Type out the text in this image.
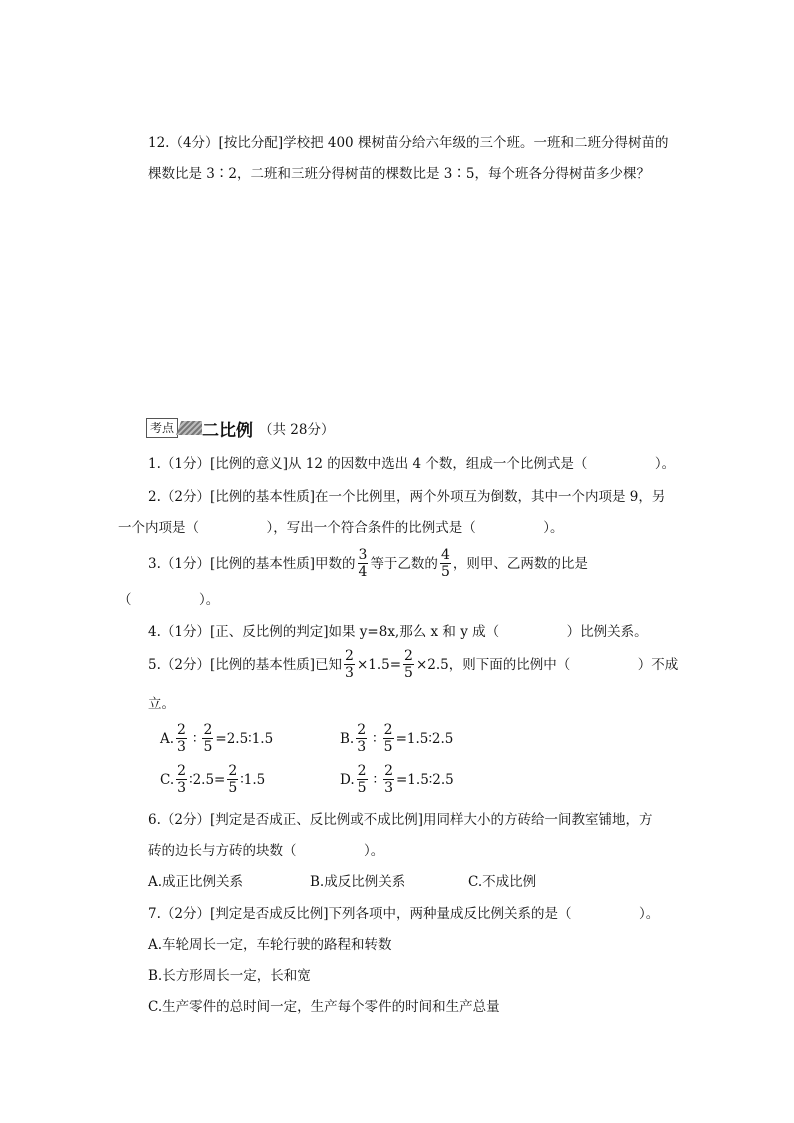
12.（4分）[按比分配]学校把 400 棵树苗分给六年级的三个班。一班和二班分得树苗的
棵数比是 3∶2，二班和三班分得树苗的棵数比是 3∶5，每个班各分得树苗多少棵？
考点 二比例 （共 28分）
1.（1分）[比例的意义]从 12 的因数中选出 4 个数，组成一个比例式是（　　　　　）。
2.（2分）[比例的基本性质]在一个比例里，两个外项互为倒数，其中一个内项是 9，另
一个内项是（　　　　　），写出一个符合条件的比例式是（　　　　　）。
3.（1分）[比例的基本性质]甲数的 $\frac{3}{4}$ 等于乙数的 $\frac{4}{5}$ ，则甲、乙两数的比是
（　　　　　）。
4.（1分）[正、反比例的判定]如果 y=8x,那么 x 和 y 成（　　　　　）比例关系。
5.（2分）[比例的基本性质]已知 $\frac{2}{3} \times 1.5= \frac{2}{5} \times 2.5$，则下面的比例中（　　　　　）不成
立。
A. $\frac{2}{3}$ ∶ $\frac{2}{5}$ =2.5∶1.5	B. $\frac{2}{3}$ ∶ $\frac{2}{5}$ =1.5∶2.5
C. $\frac{2}{3}$ ∶2.5= $\frac{2}{5}$ ∶1.5	D. $\frac{2}{5}$ ∶ $\frac{2}{3}$ =1.5∶2.5
6.（2分）[判定是否成正、反比例或不成比例]用同样大小的方砖给一间教室铺地，方
砖的边长与方砖的块数（　　　　　）。
A.成正比例关系	B.成反比例关系	C.不成比例
7.（2分）[判定是否成反比例]下列各项中，两种量成反比例关系的是（　　　　　）。
A.车轮周长一定，车轮行驶的路程和转数
B.长方形周长一定，长和宽
C.生产零件的总时间一定，生产每个零件的时间和生产总量
